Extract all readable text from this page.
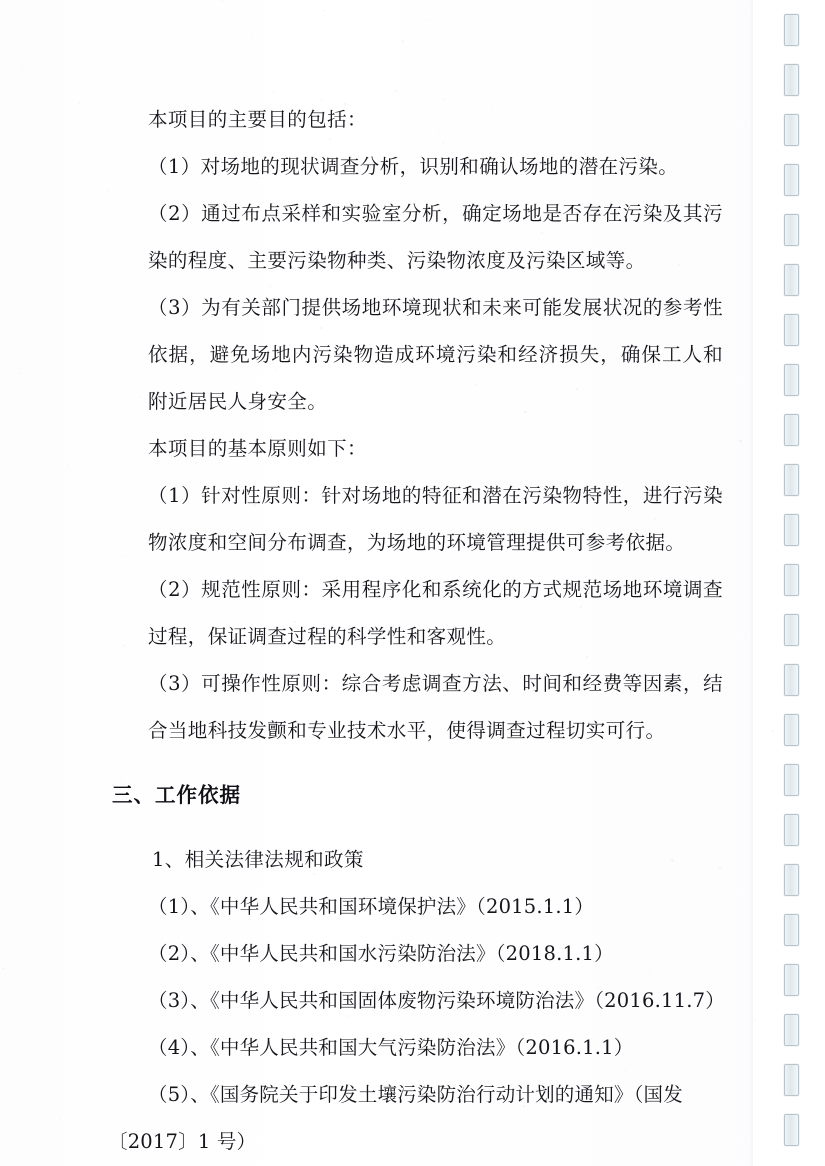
本项目的主要目的包括：

（1）对场地的现状调查分析，识别和确认场地的潜在污染。

（2）通过布点采样和实验室分析，确定场地是否存在污染及其污染的程度、主要污染物种类、污染物浓度及污染区域等。

（3）为有关部门提供场地环境现状和未来可能发展状况的参考性依据，避免场地内污染物造成环境污染和经济损失，确保工人和附近居民人身安全。

本项目的基本原则如下：

（1）针对性原则：针对场地的特征和潜在污染物特性，进行污染物浓度和空间分布调查，为场地的环境管理提供可参考依据。

（2）规范性原则：采用程序化和系统化的方式规范场地环境调查过程，保证调查过程的科学性和客观性。

（3）可操作性原则：综合考虑调查方法、时间和经费等因素，结合当地科技发颤和专业技术水平，使得调查过程切实可行。

三、工作依据

1、相关法律法规和政策

（1）、《中华人民共和国环境保护法》（2015.1.1）

（2）、《中华人民共和国水污染防治法》（2018.1.1）

（3）、《中华人民共和国固体废物污染环境防治法》（2016.11.7）

（4）、《中华人民共和国大气污染防治法》（2016.1.1）

（5）、《国务院关于印发土壤污染防治行动计划的通知》（国发

〔2017〕1 号）
